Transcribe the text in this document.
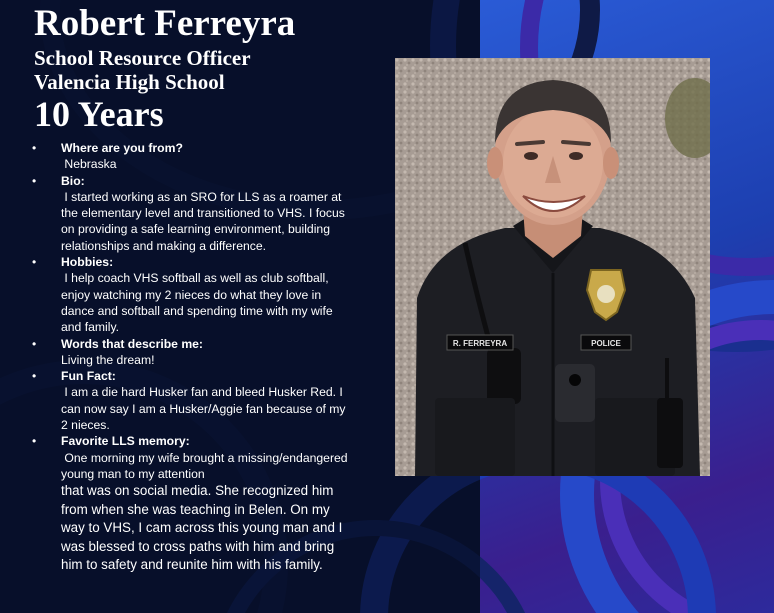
Robert Ferreyra
School Resource Officer
Valencia High School
10 Years
• Where are you from?
Nebraska
• Bio:
I started working as an SRO for LLS as a roamer at the elementary level and transitioned to VHS. I focus on providing a safe learning environment, building relationships and making a difference.
• Hobbies:
I help coach VHS softball as well as club softball, enjoy watching my 2 nieces do what they love in dance and softball and spending time with my wife and family.
• Words that describe me:
Living the dream!
• Fun Fact:
I am a die hard Husker fan and bleed Husker Red. I can now say I am a Husker/Aggie fan because of my 2 nieces.
• Favorite LLS memory:
One morning my wife brought a missing/endangered young man to my attention
that was on social media. She recognized him from when she was teaching in Belen. On my way to VHS, I cam across this young man and I was blessed to cross paths with him and bring him to safety and reunite him with his family.
R. FERREYRA	POLICE
